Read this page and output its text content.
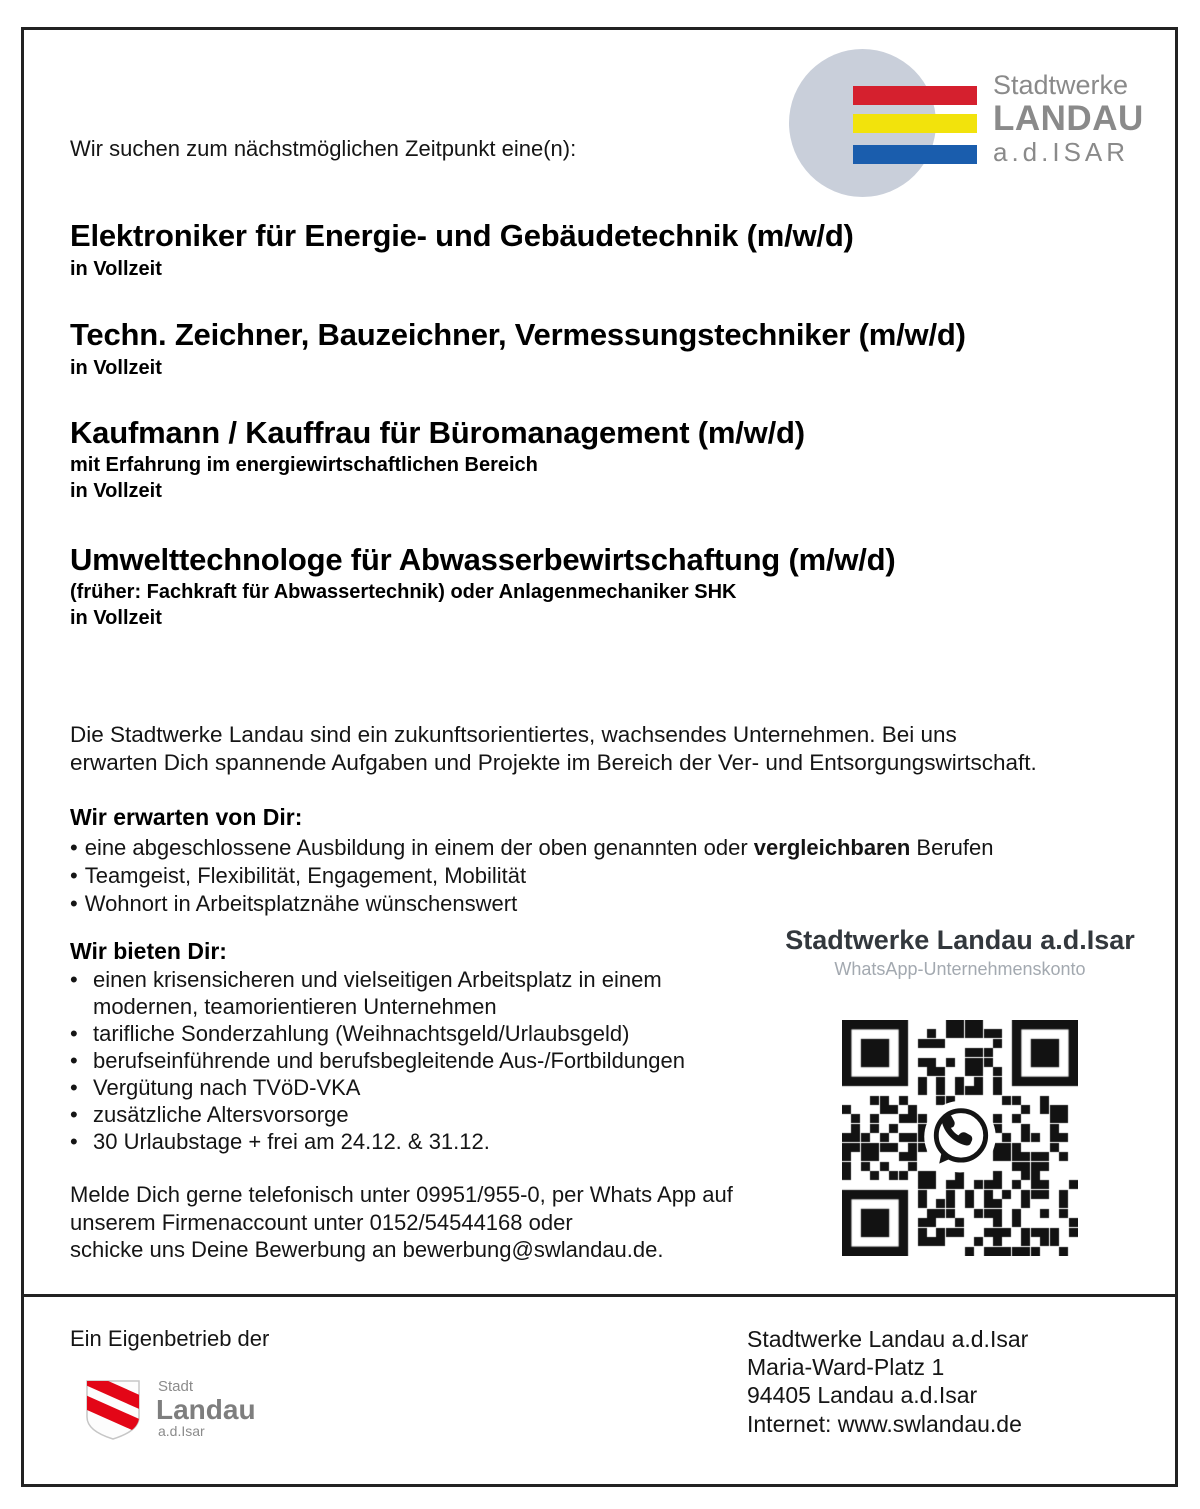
Stadtwerke
LANDAU
a.d.ISAR
Wir suchen zum nächstmöglichen Zeitpunkt eine(n):
Elektroniker für Energie- und Gebäudetechnik (m/w/d)
in Vollzeit
Techn. Zeichner, Bauzeichner, Vermessungstechniker (m/w/d)
in Vollzeit
Kaufmann / Kauffrau für Büromanagement (m/w/d)
mit Erfahrung im energiewirtschaftlichen Bereich
in Vollzeit
Umwelttechnologe für Abwasserbewirtschaftung (m/w/d)
(früher: Fachkraft für Abwassertechnik) oder Anlagenmechaniker SHK
in Vollzeit
Die Stadtwerke Landau sind ein zukunftsorientiertes, wachsendes Unternehmen. Bei uns
erwarten Dich spannende Aufgaben und Projekte im Bereich der Ver- und Entsorgungswirtschaft.
Wir erwarten von Dir:
• eine abgeschlossene Ausbildung in einem der oben genannten oder vergleichbaren Berufen
• Teamgeist, Flexibilität, Engagement, Mobilität
• Wohnort in Arbeitsplatznähe wünschenswert
Wir bieten Dir:
• einen krisensicheren und vielseitigen Arbeitsplatz in einem modernen, teamorientieren Unternehmen
• tarifliche Sonderzahlung (Weihnachtsgeld/Urlaubsgeld)
• berufseinführende und berufsbegleitende Aus-/Fortbildungen
• Vergütung nach TVöD-VKA
• zusätzliche Altersvorsorge
• 30 Urlaubstage + frei am 24.12. & 31.12.
Melde Dich gerne telefonisch unter 09951/955-0, per Whats App auf
unserem Firmenaccount unter 0152/54544168 oder
schicke uns Deine Bewerbung an bewerbung@swlandau.de.
Stadtwerke Landau a.d.Isar
WhatsApp-Unternehmenskonto
Ein Eigenbetrieb der
Stadt
Landau
a.d.Isar
Stadtwerke Landau a.d.Isar
Maria-Ward-Platz 1
94405 Landau a.d.Isar
Internet: www.swlandau.de
